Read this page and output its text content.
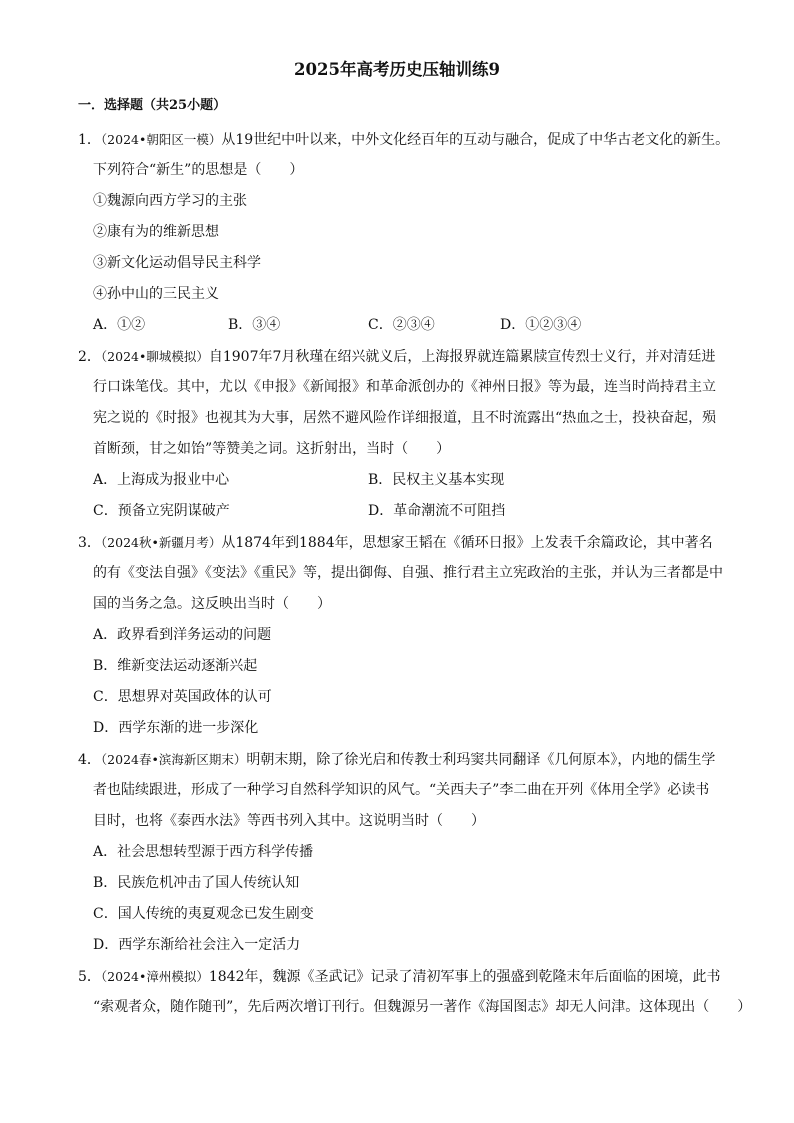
2025年高考历史压轴训练9
一．选择题（共25小题）
1．（2024•朝阳区一模）从19世纪中叶以来，中外文化经百年的互动与融合，促成了中华古老文化的新生。
下列符合“新生”的思想是（　　）
①魏源向西方学习的主张
②康有为的维新思想
③新文化运动倡导民主科学
④孙中山的三民主义
A．①②	B．③④	C．②③④	D．①②③④
2．（2024•聊城模拟）自1907年7月秋瑾在绍兴就义后，上海报界就连篇累牍宣传烈士义行，并对清廷进
行口诛笔伐。其中，尤以《申报》《新闻报》和革命派创办的《神州日报》等为最，连当时尚持君主立
宪之说的《时报》也视其为大事，居然不避风险作详细报道，且不时流露出“热血之士，投袂奋起，殒
首断颈，甘之如饴”等赞美之词。这折射出，当时（　　）
A．上海成为报业中心	B．民权主义基本实现
C．预备立宪阴谋破产	D．革命潮流不可阻挡
3．（2024秋•新疆月考）从1874年到1884年，思想家王韬在《循环日报》上发表千余篇政论，其中著名
的有《变法自强》《变法》《重民》等，提出御侮、自强、推行君主立宪政治的主张，并认为三者都是中
国的当务之急。这反映出当时（　　）
A．政界看到洋务运动的问题
B．维新变法运动逐渐兴起
C．思想界对英国政体的认可
D．西学东渐的进一步深化
4．（2024春•滨海新区期末）明朝末期，除了徐光启和传教士利玛窦共同翻译《几何原本》，内地的儒生学
者也陆续跟进，形成了一种学习自然科学知识的风气。“关西夫子”李二曲在开列《体用全学》必读书
目时，也将《泰西水法》等西书列入其中。这说明当时（　　）
A．社会思想转型源于西方科学传播
B．民族危机冲击了国人传统认知
C．国人传统的夷夏观念已发生剧变
D．西学东渐给社会注入一定活力
5．（2024•漳州模拟）1842年，魏源《圣武记》记录了清初军事上的强盛到乾隆末年后面临的困境，此书
“索观者众，随作随刊”，先后两次增订刊行。但魏源另一著作《海国图志》却无人问津。这体现出（　　）
